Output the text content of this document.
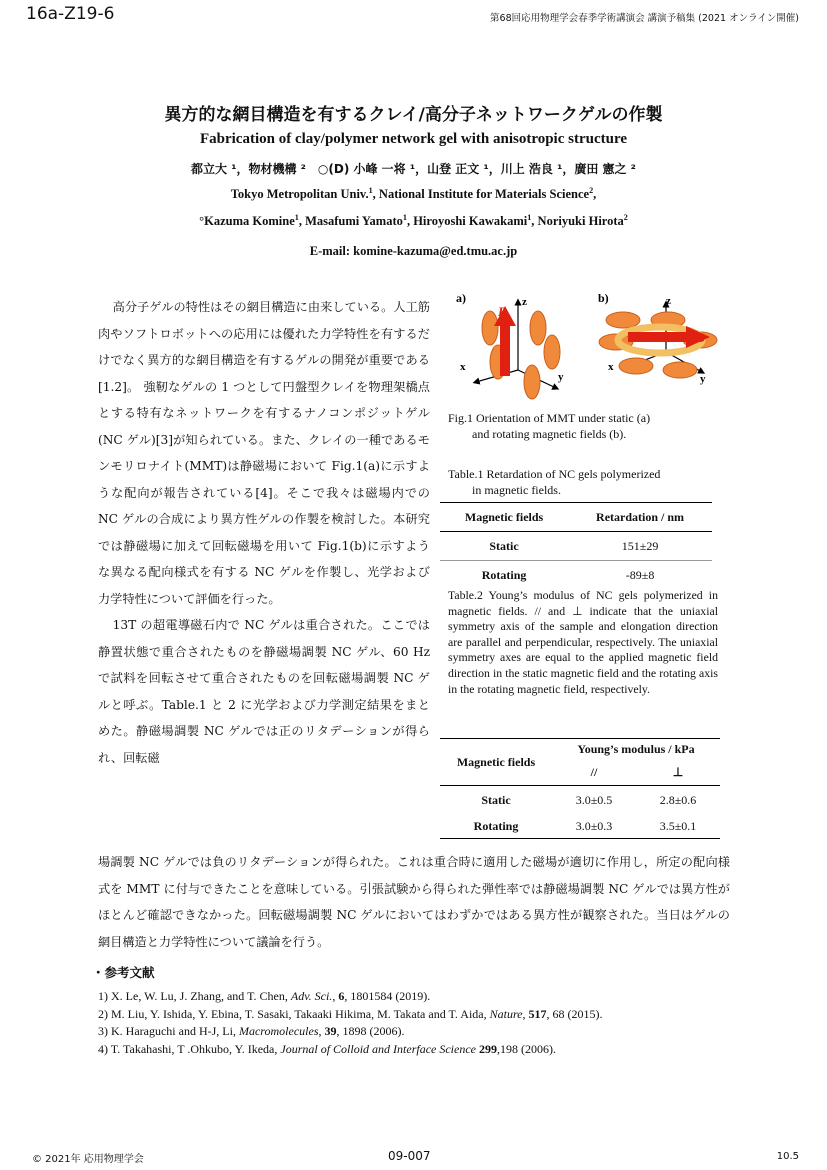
16a-Z19-6	第68回応用物理学会春季学術講演会 講演予稿集 (2021 オンライン開催)
異方的な網目構造を有するクレイ/高分子ネットワークゲルの作製
Fabrication of clay/polymer network gel with anisotropic structure
都立大 ¹，物材機構 ²　○(D) 小峰 一将 ¹，山登 正文 ¹，川上 浩良 ¹，廣田 憲之 ²
Tokyo Metropolitan Univ.$^1$, National Institute for Materials Science$^2$,
°Kazuma Komine$^1$, Masafumi Yamato$^1$, Hiroyoshi Kawakami$^1$, Noriyuki Hirota$^2$
E-mail: komine-kazuma@ed.tmu.ac.jp

高分子ゲルの特性はその網目構造に由来している。人工筋肉やソフトロボットへの応用には優れた力学特性を有するだけでなく異方的な網目構造を有するゲルの開発が重要である[1.2]。 強靭なゲルの 1 つとして円盤型クレイを物理架橋点とする特有なネットワークを有するナノコンポジットゲル(NC ゲル)[3]が知られている。また、クレイの一種であるモンモリロナイト(MMT)は静磁場において Fig.1(a)に示すような配向が報告されている[4]。そこで我々は磁場内での NC ゲルの合成により異方性ゲルの作製を検討した。本研究では静磁場に加えて回転磁場を用いて Fig.1(b)に示すような異なる配向様式を有する NC ゲルを作製し、光学および力学特性について評価を行った。

13T の超電導磁石内で NC ゲルは重合された。ここでは静置状態で重合されたものを静磁場調製 NC ゲル、60 Hz で試料を回転させて重合されたものを回転磁場調製 NC ゲルと呼ぶ。Table.1 と 2 に光学および力学測定結果をまとめた。静磁場調製 NC ゲルでは正のリタデーションが得られ、回転磁

場調製 NC ゲルでは負のリタデーションが得られた。これは重合時に適用した磁場が適切に作用し，所定の配向様式を MMT に付与できたことを意味している。引張試験から得られた弾性率では静磁場調製 NC ゲルでは異方性がほとんど確認できなかった。回転磁場調製 NC ゲルにおいてはわずかではある異方性が観察された。当日はゲルの網目構造と力学特性について議論を行う。

a)	z
x
y
B
b)	z
x
y
B
Fig.1 Orientation of MMT under static (a)
and rotating magnetic fields (b).
Table.1 Retardation of NC gels polymerized
in magnetic fields.
Magnetic fields	Retardation / nm
Static	151±29
Rotating	-89±8
Table.2 Young’s modulus of NC gels polymerized in magnetic fields. // and ⊥ indicate that the uniaxial symmetry axis of the sample and elongation direction are parallel and perpendicular, respectively. The uniaxial symmetry axes are equal to the applied magnetic field direction in the static magnetic field and the rotating axis in the rotating magnetic field, respectively.
Magnetic fields	Young’s modulus / kPa	
	//	⊥
Static	3.0±0.5	2.8±0.6
Rotating	3.0±0.3	3.5±0.1
・参考文献
1) X. Le, W. Lu, J. Zhang, and T. Chen, Adv. Sci., 6, 1801584 (2019).
2) M. Liu, Y. Ishida, Y. Ebina, T. Sasaki, Takaaki Hikima, M. Takata and T. Aida, Nature, 517, 68 (2015).
3) K. Haraguchi and H-J, Li, Macromolecules, 39, 1898 (2006).
4) T. Takahashi, T .Ohkubo, Y. Ikeda, Journal of Colloid and Interface Science 299,198 (2006).
© 2021年 応用物理学会	09-007	10.5
